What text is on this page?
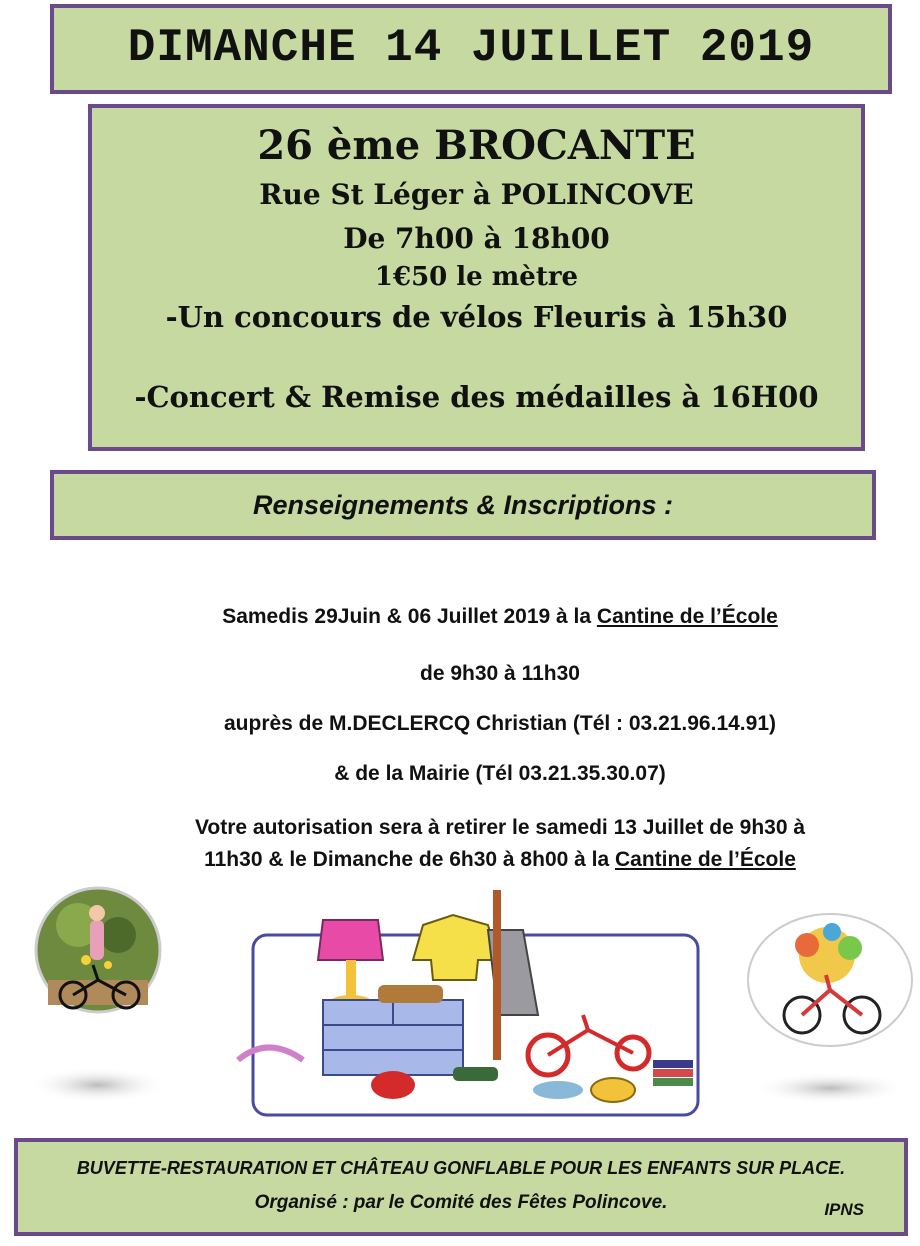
DIMANCHE 14 JUILLET 2019
26 ème BROCANTE
Rue St Léger à POLINCOVE
De 7h00 à 18h00
1€50 le mètre
-Un concours de vélos Fleuris à 15h30
-Concert & Remise des médailles à 16H00
Renseignements & Inscriptions :
Samedis 29Juin & 06 Juillet 2019 à la Cantine de l’École
de 9h30 à 11h30
auprès de M.DECLERCQ Christian (Tél : 03.21.96.14.91)
& de la Mairie (Tél 03.21.35.30.07)
Votre autorisation sera à retirer le samedi 13 Juillet de 9h30 à
11h30 & le Dimanche de 6h30 à 8h00 à la Cantine de l’École
BUVETTE-RESTAURATION ET CHÂTEAU GONFLABLE POUR LES ENFANTS SUR PLACE.
Organisé : par le Comité des Fêtes Polincove.	IPNS
